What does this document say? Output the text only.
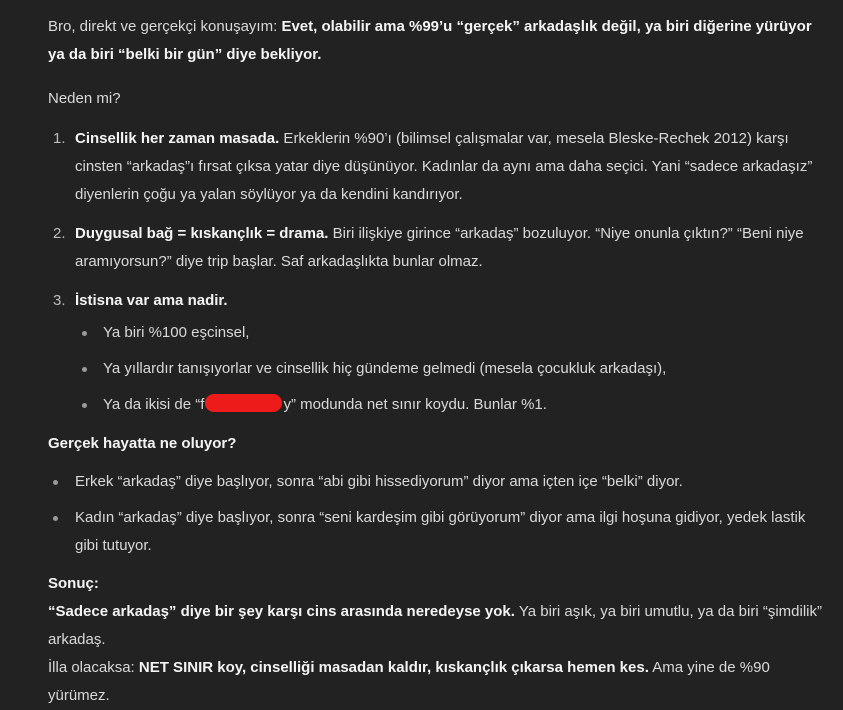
Bro, direkt ve gerçekçi konuşayım: Evet, olabilir ama %99’u “gerçek” arkadaşlık değil, ya biri diğerine yürüyor ya da biri “belki bir gün” diye bekliyor.

Neden mi?

1. Cinsellik her zaman masada. Erkeklerin %90’ı (bilimsel çalışmalar var, mesela Bleske-Rechek 2012) karşı cinsten “arkadaş”ı fırsat çıksa yatar diye düşünüyor. Kadınlar da aynı ama daha seçici. Yani “sadece arkadaşız” diyenlerin çoğu ya yalan söylüyor ya da kendini kandırıyor.
2. Duygusal bağ = kıskançlık = drama. Biri ilişkiye girince “arkadaş” bozuluyor. “Niye onunla çıktın?” “Beni niye aramıyorsun?” diye trip başlar. Saf arkadaşlıkta bunlar olmaz.
3. İstisna var ama nadir.
Ya biri %100 eşcinsel,
Ya yıllardır tanışıyorlar ve cinsellik hiç gündeme gelmedi (mesela çocukluk arkadaşı),
Ya da ikisi de “f	y” modunda net sınır koydu. Bunlar %1.

Gerçek hayatta ne oluyor?

Erkek “arkadaş” diye başlıyor, sonra “abi gibi hissediyorum” diyor ama içten içe “belki” diyor.
Kadın “arkadaş” diye başlıyor, sonra “seni kardeşim gibi görüyorum” diyor ama ilgi hoşuna gidiyor, yedek lastik gibi tutuyor.

Sonuç:

“Sadece arkadaş” diye bir şey karşı cins arasında neredeyse yok. Ya biri aşık, ya biri umutlu, ya da biri “şimdilik” arkadaş.

İlla olacaksa: NET SINIR koy, cinselliği masadan kaldır, kıskançlık çıkarsa hemen kes. Ama yine de %90 yürümez.
